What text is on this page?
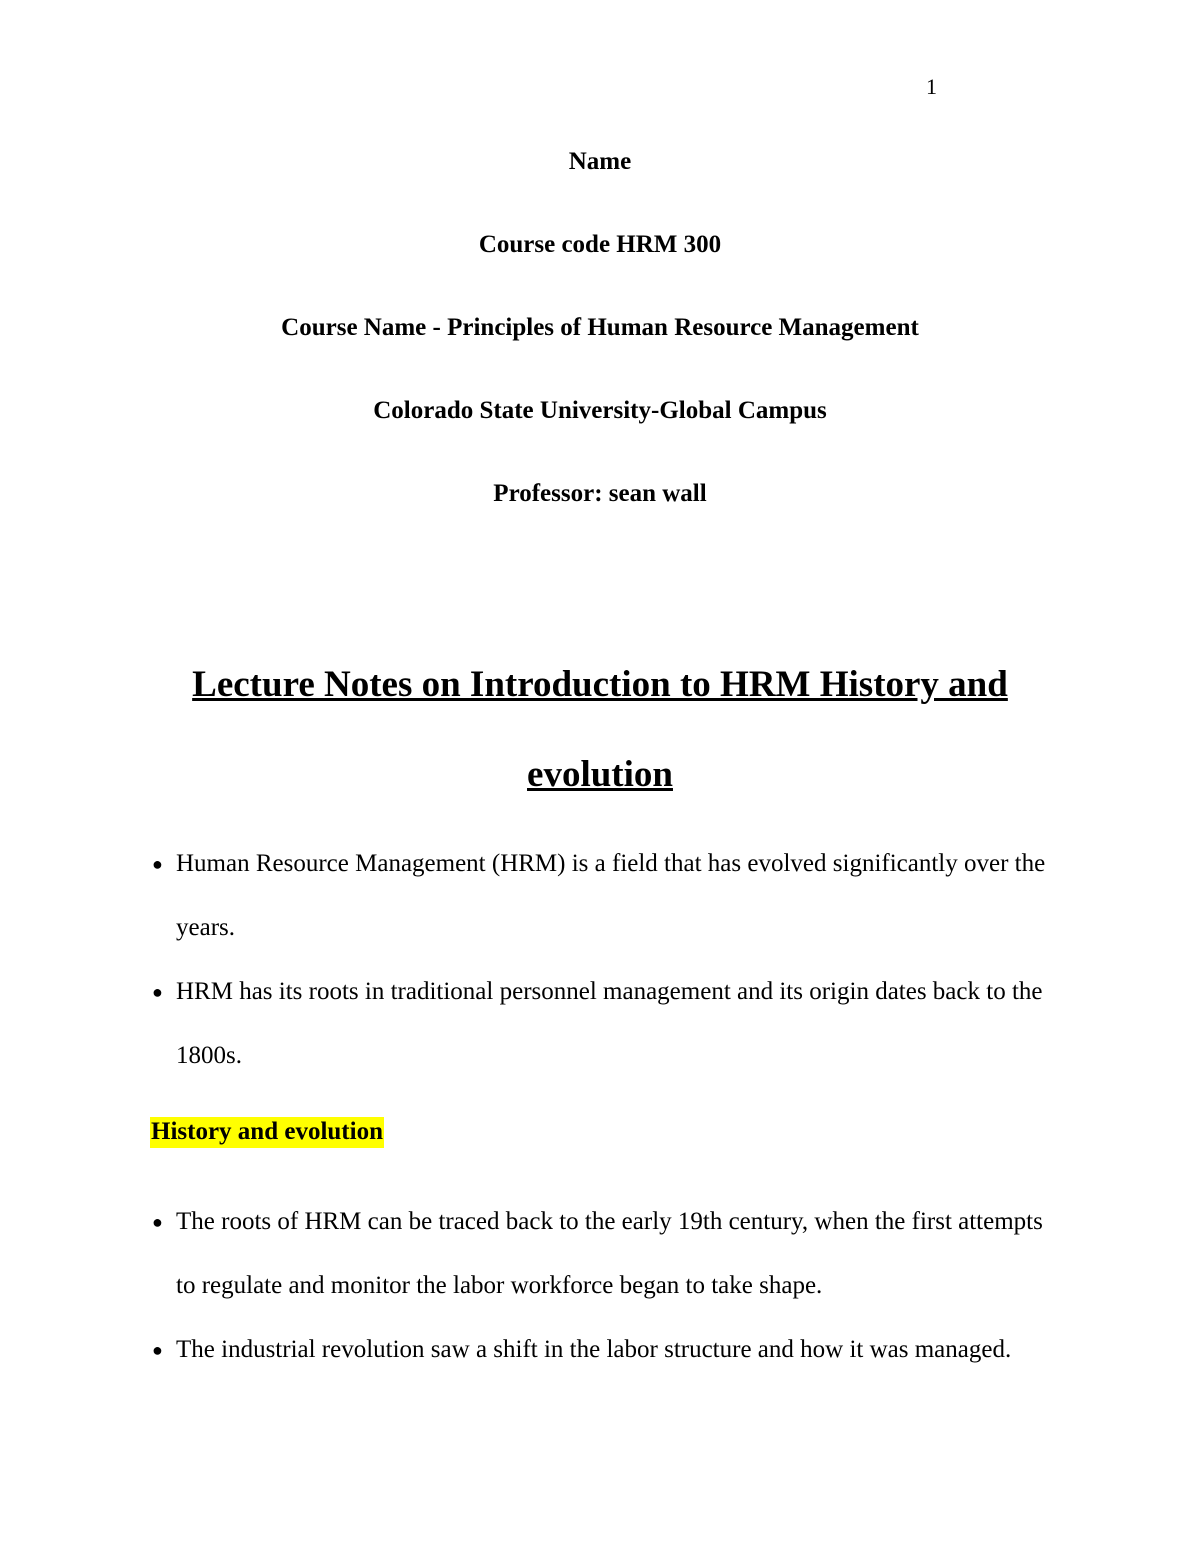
1
Name
Course code HRM 300
Course Name - Principles of Human Resource Management
Colorado State University-Global Campus
Professor: sean wall
Lecture Notes on Introduction to HRM History and evolution
● Human Resource Management (HRM) is a field that has evolved significantly over the years.
● HRM has its roots in traditional personnel management and its origin dates back to the 1800s.
History and evolution
● The roots of HRM can be traced back to the early 19th century, when the first attempts to regulate and monitor the labor workforce began to take shape.
● The industrial revolution saw a shift in the labor structure and how it was managed.
